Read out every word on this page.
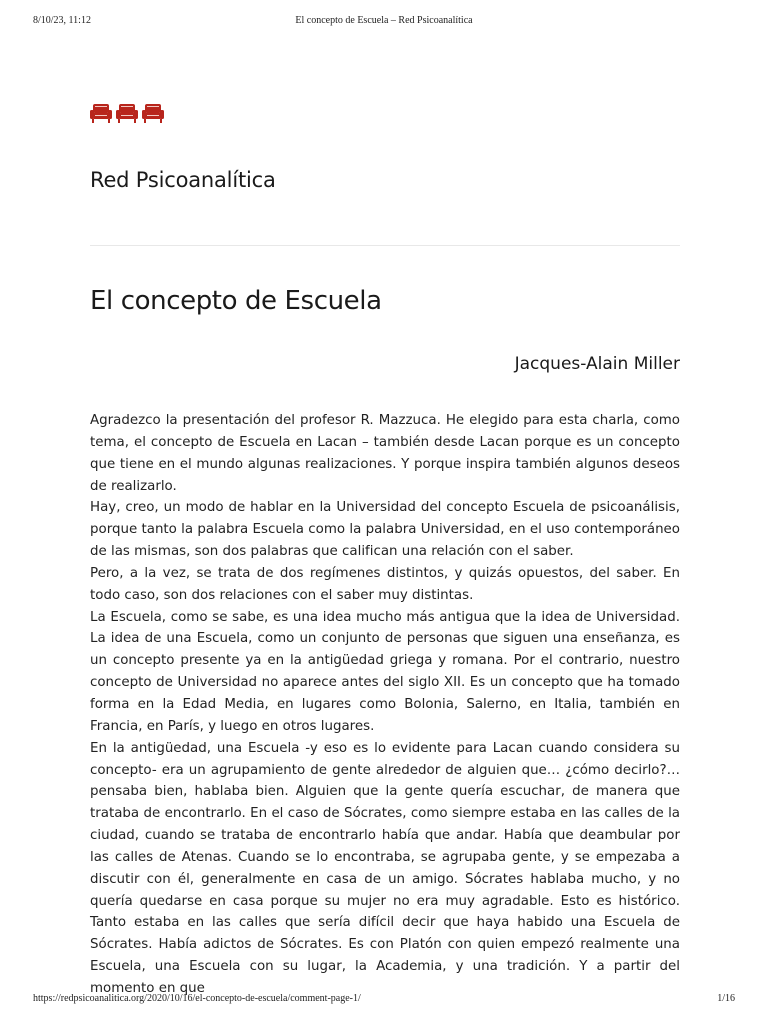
8/10/23, 11:12	El concepto de Escuela – Red Psicoanalítica
Red Psicoanalítica
El concepto de Escuela
Jacques-Alain Miller

Agradezco la presentación del profesor R. Mazzuca. He elegido para esta charla, como tema, el concepto de Escuela en Lacan – también desde Lacan porque es un concepto que tiene en el mundo algunas realizaciones. Y porque inspira también algunos deseos de realizarlo.

Hay, creo, un modo de hablar en la Universidad del concepto Escuela de psicoanálisis, porque tanto la palabra Escuela como la palabra Universidad, en el uso contemporáneo de las mismas, son dos palabras que califican una relación con el saber.

Pero, a la vez, se trata de dos regímenes distintos, y quizás opuestos, del saber. En todo caso, son dos relaciones con el saber muy distintas.

La Escuela, como se sabe, es una idea mucho más antigua que la idea de Universidad. La idea de una Escuela, como un conjunto de personas que siguen una enseñanza, es un concepto presente ya en la antigüedad griega y romana. Por el contrario, nuestro concepto de Universidad no aparece antes del siglo XII. Es un concepto que ha tomado forma en la Edad Media, en lugares como Bolonia, Salerno, en Italia, también en Francia, en París, y luego en otros lugares.

En la antigüedad, una Escuela -y eso es lo evidente para Lacan cuando considera su concepto- era un agrupamiento de gente alrededor de alguien que… ¿cómo decirlo?… pensaba bien, hablaba bien. Alguien que la gente quería escuchar, de manera que trataba de encontrarlo. En el caso de Sócrates, como siempre estaba en las calles de la ciudad, cuando se trataba de encontrarlo había que andar. Había que deambular por las calles de Atenas. Cuando se lo encontraba, se agrupaba gente, y se empezaba a discutir con él, generalmente en casa de un amigo. Sócrates hablaba mucho, y no quería quedarse en casa porque su mujer no era muy agradable. Esto es histórico. Tanto estaba en las calles que sería difícil decir que haya habido una Escuela de Sócrates. Había adictos de Sócrates. Es con Platón con quien empezó realmente una Escuela, una Escuela con su lugar, la Academia, y una tradición. Y a partir del momento en que

https://redpsicoanalitica.org/2020/10/16/el-concepto-de-escuela/comment-page-1/	1/16
